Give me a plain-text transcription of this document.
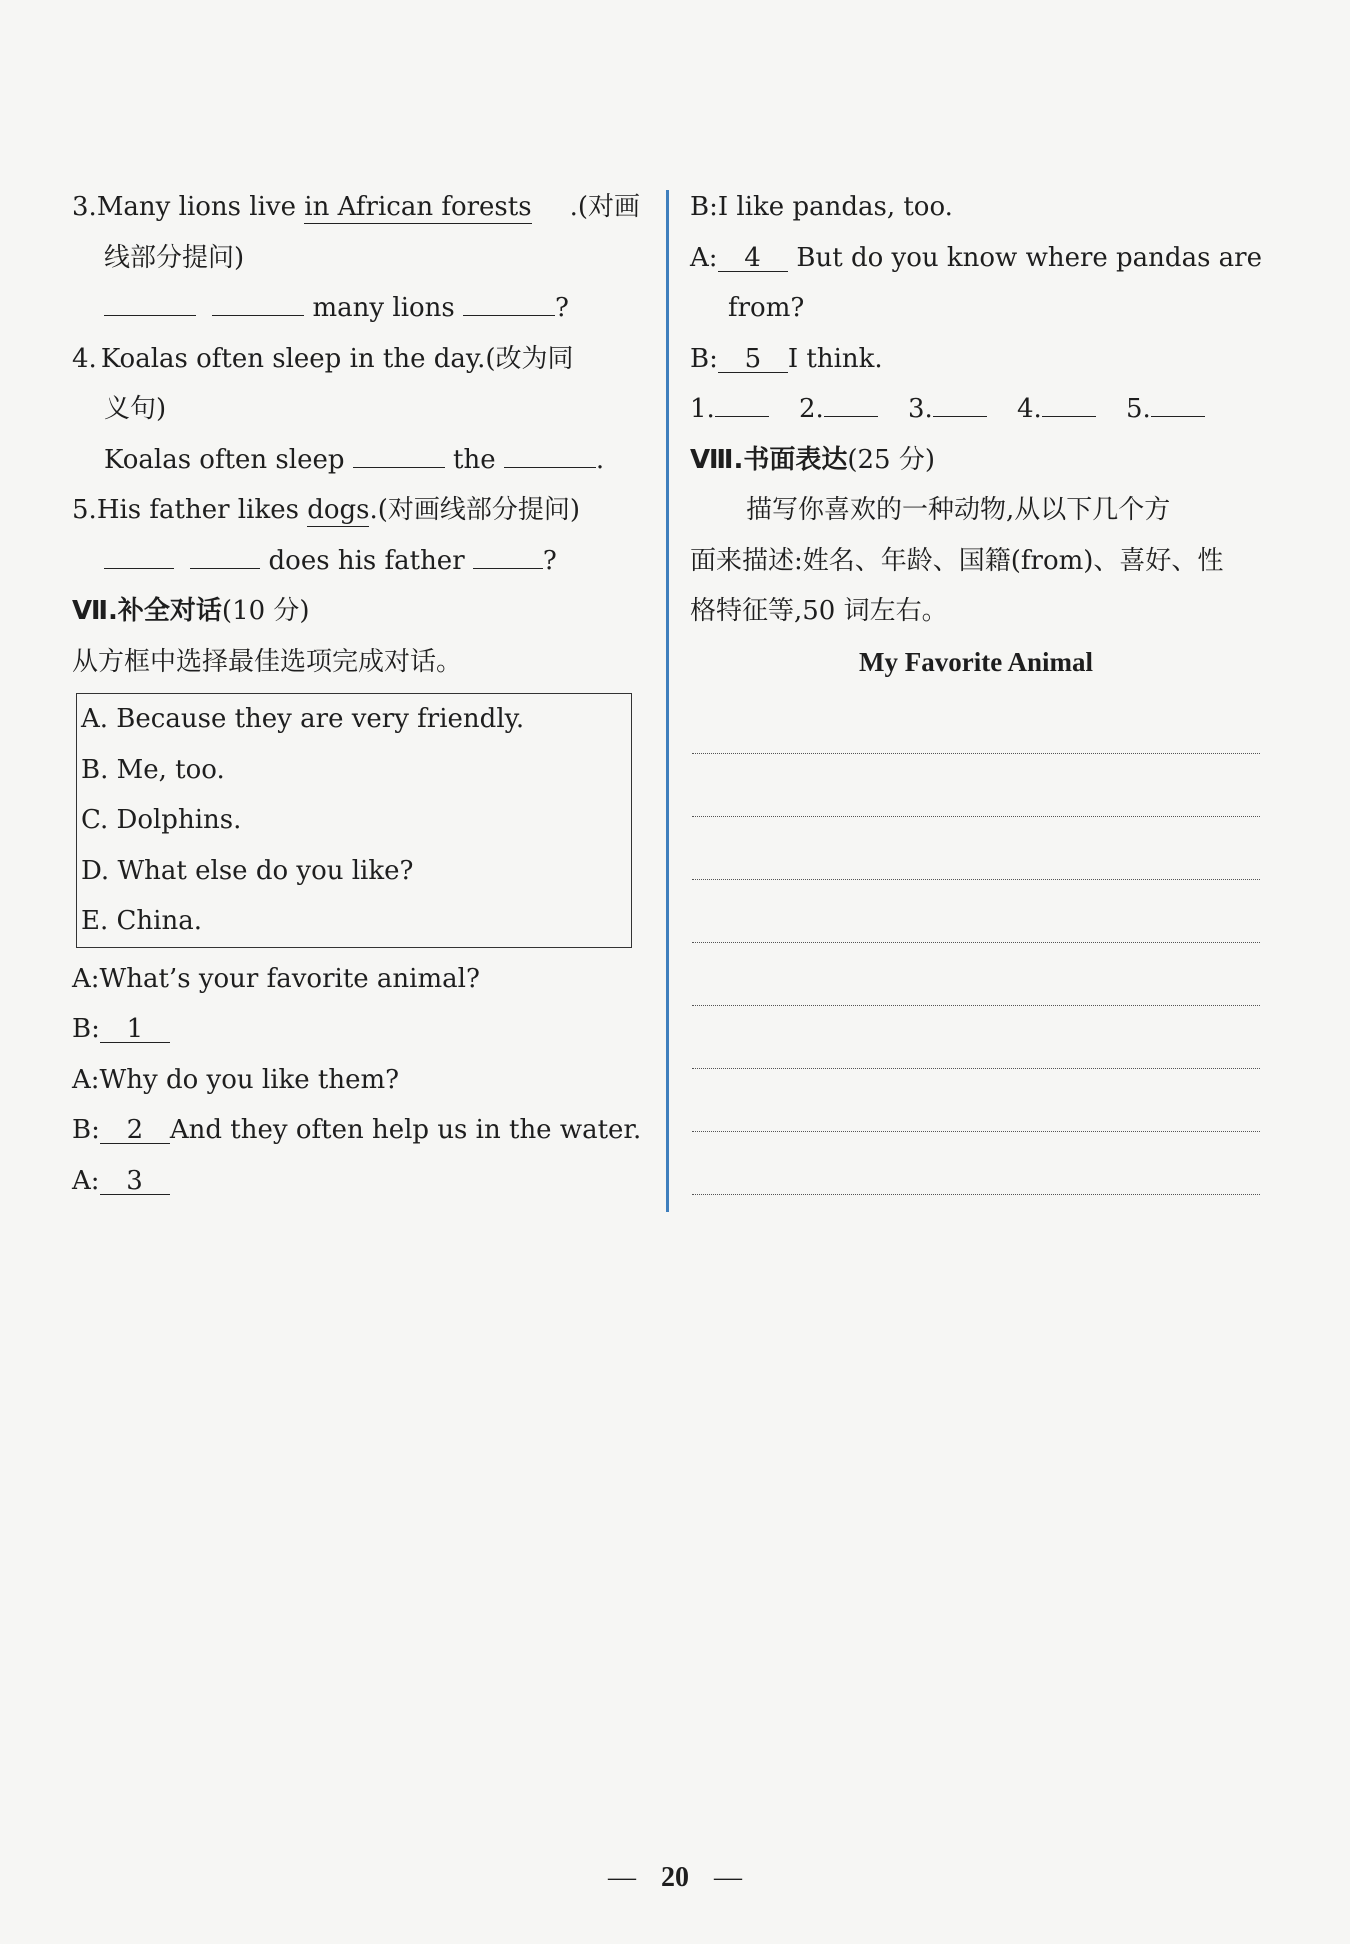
3.Many lions live in African forests .(对画
线部分提问)
many lions	?
4. Koalas often sleep in the day.(改为同
义句)
Koalas often sleep	the	.
5.His father likes dogs.(对画线部分提问)
does his father	?
Ⅶ.补全对话(10 分)
从方框中选择最佳选项完成对话。
A. Because they are very friendly.
B. Me, too.
C. Dolphins.
D. What else do you like?
E. China.
A:What’s your favorite animal?
B: 1
A:Why do you like them?
B: 2 And they often help us in the water.
A: 3
B:I like pandas, too.
A: 4	But do you know where pandas are
from?
B: 5 I think.
1.	2.	3.	4.	5.
Ⅷ.书面表达(25 分)
描写你喜欢的一种动物,从以下几个方
面来描述:姓名、年龄、国籍(from)、喜好、性
格特征等,50 词左右。
My Favorite Animal
— 20 —
